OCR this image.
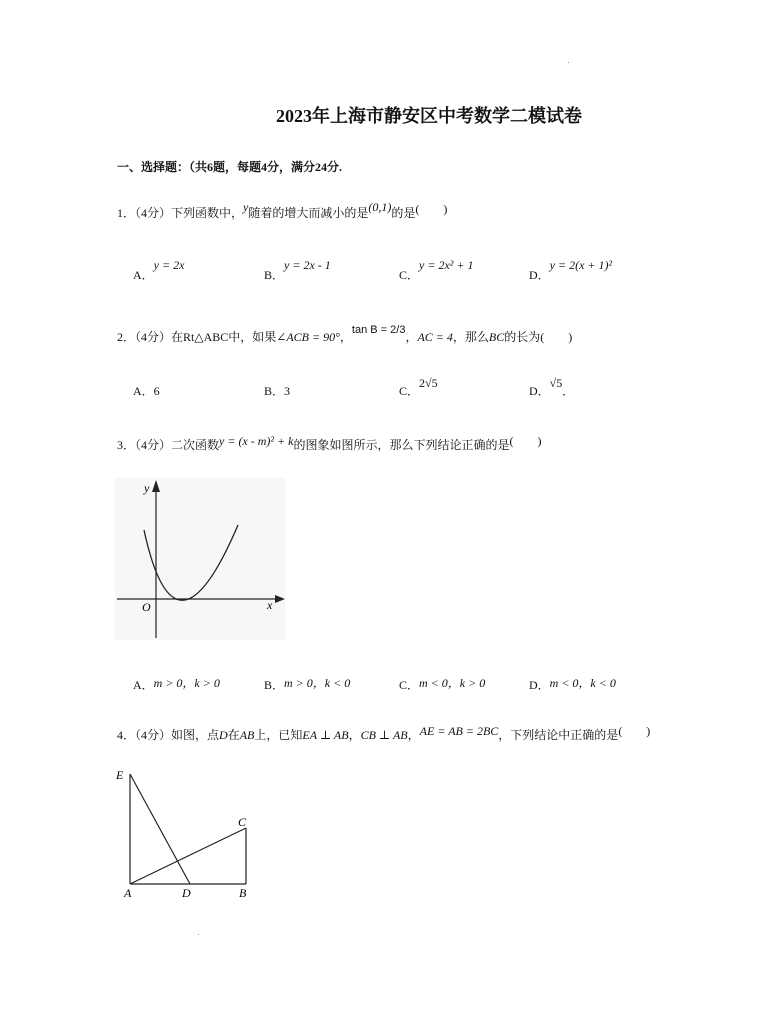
2023年上海市静安区中考数学二模试卷
一、选择题：（共6题，每题4分，满分24分.
1．（4分）下列函数中，y随着的增大而减小的是(0,1)的是(　　)
A．y = 2x
B．y = 2x - 1
C．y = 2x² + 1
D．y = 2(x + 1)²
2．（4分）在Rt△ABC中，如果∠ACB = 90°，tan B = 2/3，AC = 4，那么BC的长为(　　)
A．6	B．3	C．2√5
D．√5．
3．（4分）二次函数y = (x - m)² + k的图象如图所示，那么下列结论正确的是(　　)
x
y
O
A．m > 0，k > 0	B．m > 0，k < 0	C．m < 0，k > 0	D．m < 0，k < 0
4．（4分）如图，点D在AB上，已知EA ⊥ AB，CB ⊥ AB，AE = AB = 2BC，下列结论中正确的是(　　)
E
C
A	D	B
